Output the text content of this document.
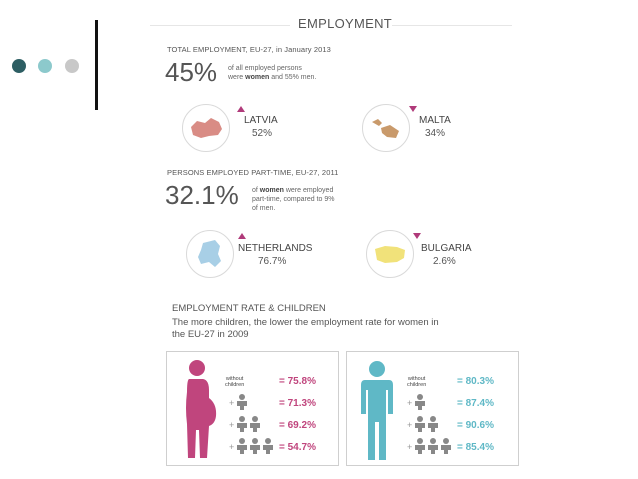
EMPLOYMENT
TOTAL EMPLOYMENT, EU-27, in January 2013
45% of all employed persons
were women and 55% men.
LATVIA
52%
MALTA
34%
PERSONS EMPLOYED PART-TIME, EU-27, 2011
32.1% of women were employed
part-time, compared to 9%
of men.
NETHERLANDS
76.7%
BULGARIA
2.6%
EMPLOYMENT RATE & CHILDREN
The more children, the lower the employment rate for women in
the EU-27 in 2009
without
children
+
+
+
= 75.8%
= 71.3%
= 69.2%
= 54.7%
without
children
+
+
+
= 80.3%
= 87.4%
= 90.6%
= 85.4%
